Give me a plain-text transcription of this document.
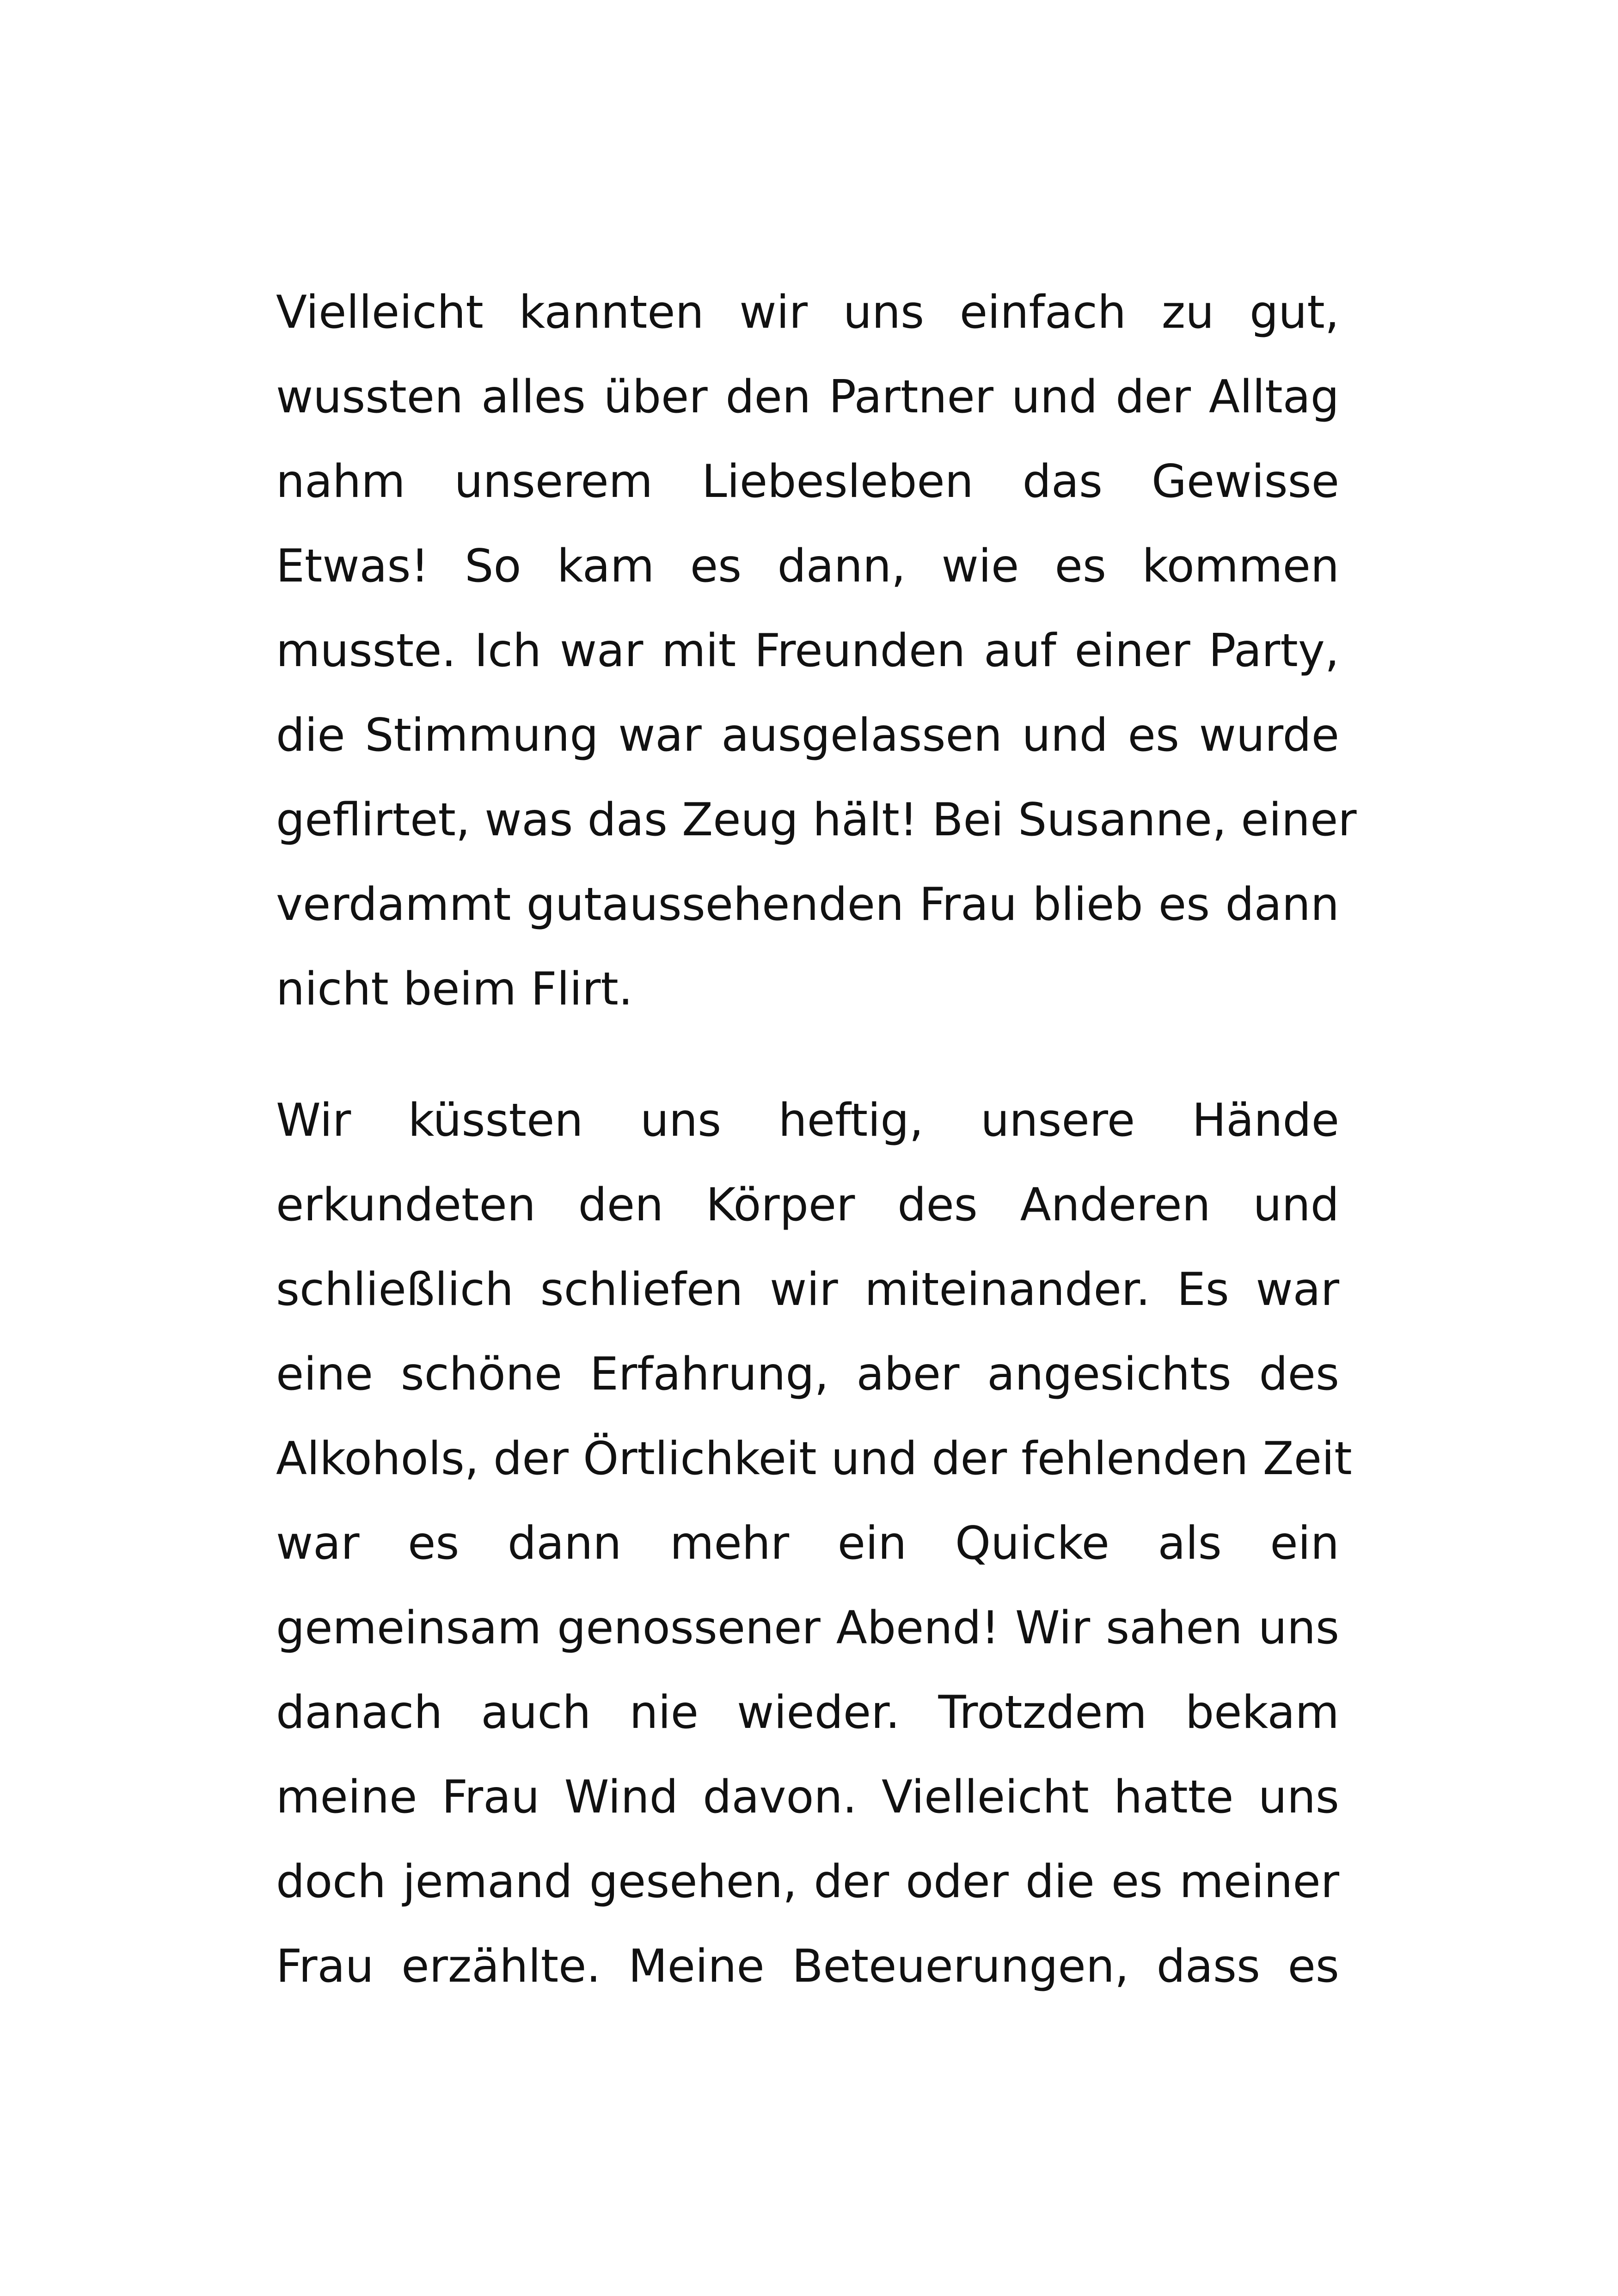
Vielleicht kannten wir uns einfach zu gut,
wussten alles über den Partner und der Alltag
nahm unserem Liebesleben das Gewisse
Etwas! So kam es dann, wie es kommen
musste. Ich war mit Freunden auf einer Party,
die Stimmung war ausgelassen und es wurde
geflirtet, was das Zeug hält! Bei Susanne, einer
verdammt gutaussehenden Frau blieb es dann
nicht beim Flirt.
Wir küssten uns heftig, unsere Hände
erkundeten den Körper des Anderen und
schließlich schliefen wir miteinander. Es war
eine schöne Erfahrung, aber angesichts des
Alkohols, der Örtlichkeit und der fehlenden Zeit
war es dann mehr ein Quicke als ein
gemeinsam genossener Abend! Wir sahen uns
danach auch nie wieder. Trotzdem bekam
meine Frau Wind davon. Vielleicht hatte uns
doch jemand gesehen, der oder die es meiner
Frau erzählte. Meine Beteuerungen, dass es
